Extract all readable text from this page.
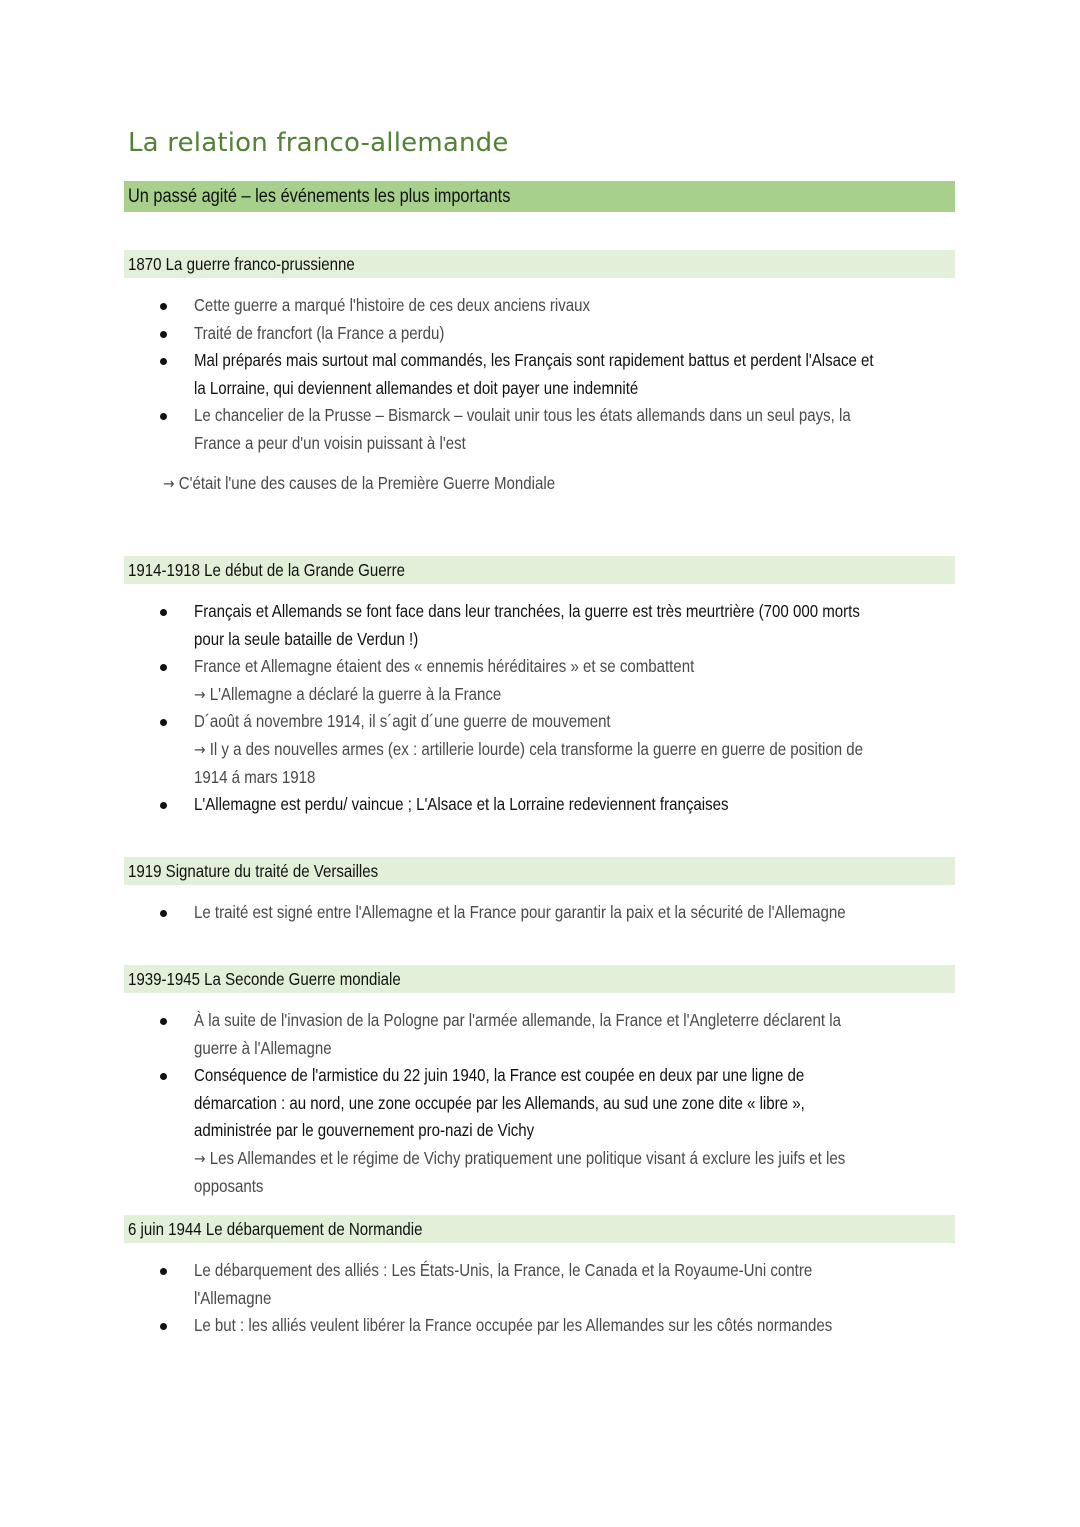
La relation franco-allemande
Un passé agité – les événements les plus importants
1870 La guerre franco-prussienne
Cette guerre a marqué l'histoire de ces deux anciens rivaux
Traité de francfort (la France a perdu)
Mal préparés mais surtout mal commandés, les Français sont rapidement battus et perdent l'Alsace et
la Lorraine, qui deviennent allemandes et doit payer une indemnité
Le chancelier de la Prusse – Bismarck – voulait unir tous les états allemands dans un seul pays, la
France a peur d'un voisin puissant à l'est
→ C'était l'une des causes de la Première Guerre Mondiale
1914-1918 Le début de la Grande Guerre
Français et Allemands se font face dans leur tranchées, la guerre est très meurtrière (700 000 morts
pour la seule bataille de Verdun !)
France et Allemagne étaient des « ennemis héréditaires » et se combattent
→ L'Allemagne a déclaré la guerre à la France
D´août á novembre 1914, il s´agit d´une guerre de mouvement
→ Il y a des nouvelles armes (ex : artillerie lourde) cela transforme la guerre en guerre de position de
1914 á mars 1918
L'Allemagne est perdu/ vaincue ; L'Alsace et la Lorraine redeviennent françaises
1919 Signature du traité de Versailles
Le traité est signé entre l'Allemagne et la France pour garantir la paix et la sécurité de l'Allemagne
1939-1945 La Seconde Guerre mondiale
À la suite de l'invasion de la Pologne par l'armée allemande, la France et l'Angleterre déclarent la
guerre à l'Allemagne
Conséquence de l'armistice du 22 juin 1940, la France est coupée en deux par une ligne de
démarcation : au nord, une zone occupée par les Allemands, au sud une zone dite « libre »,
administrée par le gouvernement pro-nazi de Vichy
→ Les Allemandes et le régime de Vichy pratiquement une politique visant á exclure les juifs et les
opposants
6 juin 1944 Le débarquement de Normandie
Le débarquement des alliés : Les États-Unis, la France, le Canada et la Royaume-Uni contre
l'Allemagne
Le but : les alliés veulent libérer la France occupée par les Allemandes sur les côtés normandes
